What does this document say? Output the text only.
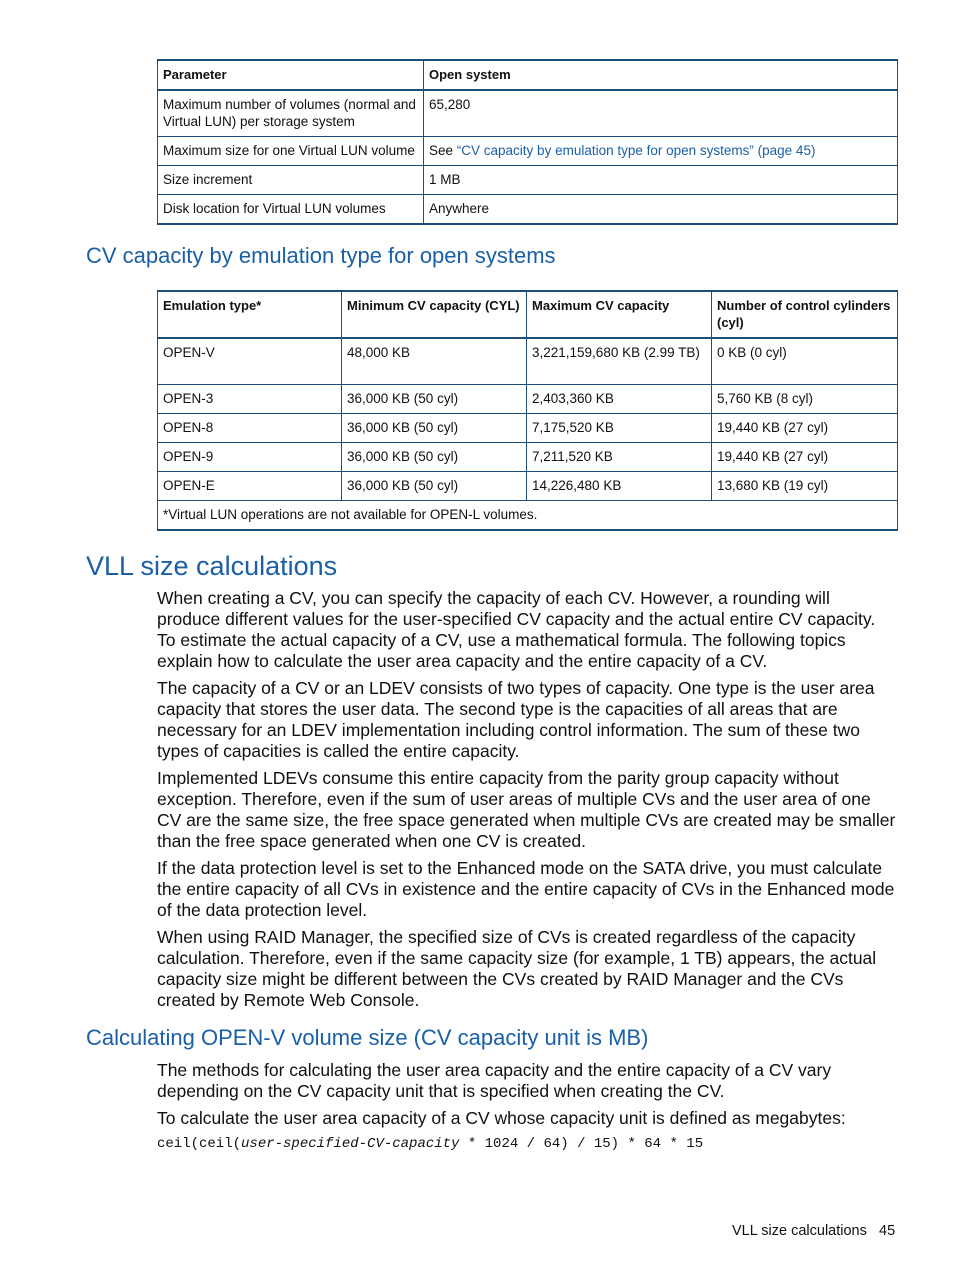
Parameter	Open system
Maximum number of volumes (normal and Virtual LUN) per storage system	65,280
Maximum size for one Virtual LUN volume	See “CV capacity by emulation type for open systems” (page 45)
Size increment	1 MB
Disk location for Virtual LUN volumes	Anywhere
CV capacity by emulation type for open systems
Emulation type*	Minimum CV capacity (CYL)	Maximum CV capacity	Number of control cylinders (cyl)
OPEN-V	48,000 KB	3,221,159,680 KB (2.99 TB)	0 KB (0 cyl)
OPEN-3	36,000 KB (50 cyl)	2,403,360 KB	5,760 KB (8 cyl)
OPEN-8	36,000 KB (50 cyl)	7,175,520 KB	19,440 KB (27 cyl)
OPEN-9	36,000 KB (50 cyl)	7,211,520 KB	19,440 KB (27 cyl)
OPEN-E	36,000 KB (50 cyl)	14,226,480 KB	13,680 KB (19 cyl)
*Virtual LUN operations are not available for OPEN-L volumes.			
VLL size calculations

When creating a CV, you can specify the capacity of each CV. However, a rounding will produce different values for the user-specified CV capacity and the actual entire CV capacity. To estimate the actual capacity of a CV, use a mathematical formula. The following topics explain how to calculate the user area capacity and the entire capacity of a CV.

The capacity of a CV or an LDEV consists of two types of capacity. One type is the user area capacity that stores the user data. The second type is the capacities of all areas that are necessary for an LDEV implementation including control information. The sum of these two types of capacities is called the entire capacity.

Implemented LDEVs consume this entire capacity from the parity group capacity without exception. Therefore, even if the sum of user areas of multiple CVs and the user area of one CV are the same size, the free space generated when multiple CVs are created may be smaller than the free space generated when one CV is created.

If the data protection level is set to the Enhanced mode on the SATA drive, you must calculate the entire capacity of all CVs in existence and the entire capacity of CVs in the Enhanced mode of the data protection level.

When using RAID Manager, the specified size of CVs is created regardless of the capacity calculation. Therefore, even if the same capacity size (for example, 1 TB) appears, the actual capacity size might be different between the CVs created by RAID Manager and the CVs created by Remote Web Console.

Calculating OPEN-V volume size (CV capacity unit is MB)

The methods for calculating the user area capacity and the entire capacity of a CV vary depending on the CV capacity unit that is specified when creating the CV.

To calculate the user area capacity of a CV whose capacity unit is defined as megabytes:

ceil(ceil(user-specified-CV-capacity * 1024 / 64) / 15) * 64 * 15
VLL size calculations 45
